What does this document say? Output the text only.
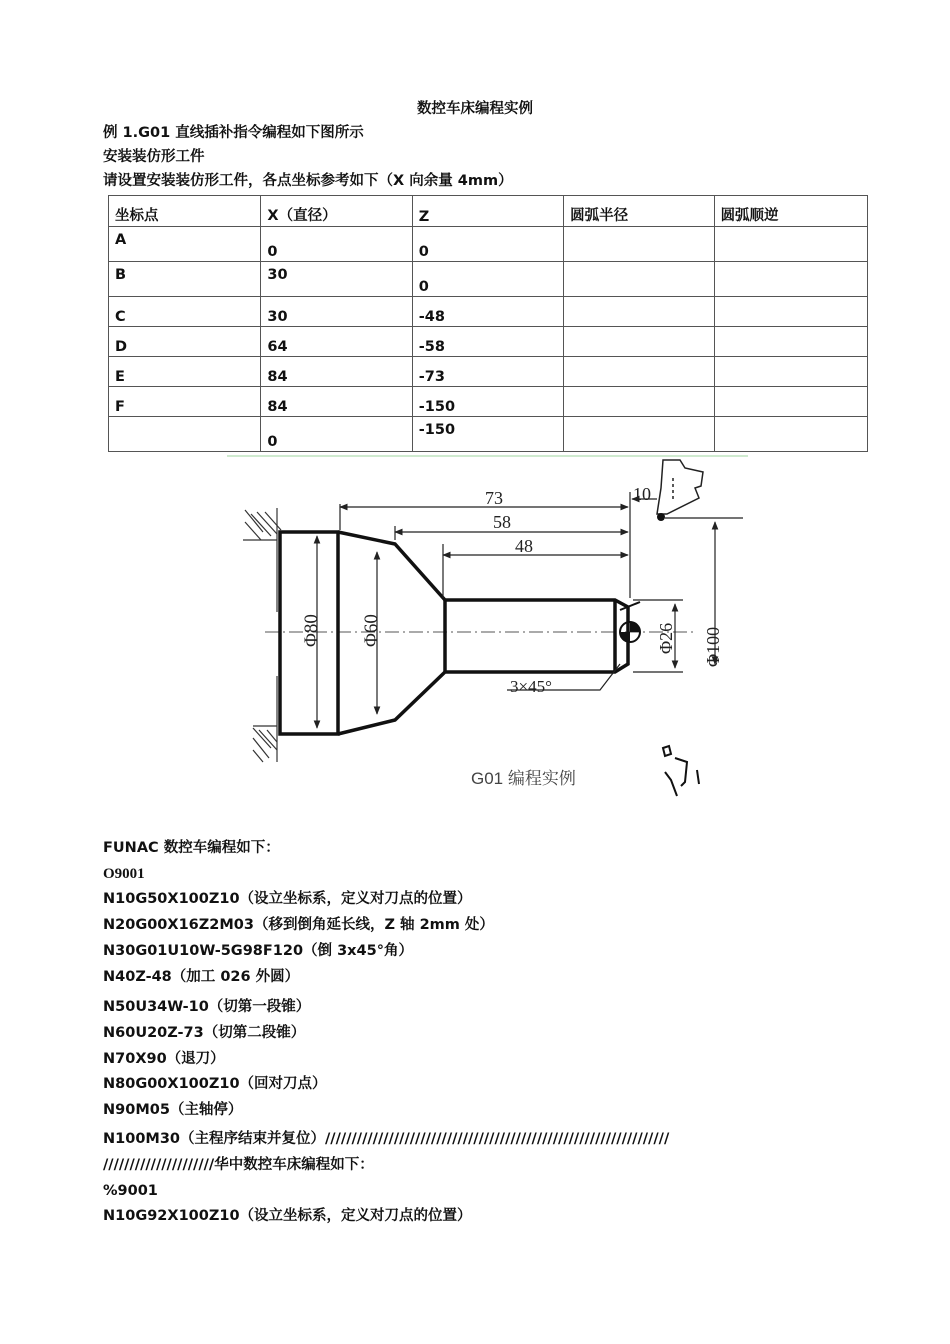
数控车床编程实例
例 1.G01 直线插补指令编程如下图所示
安装装仿形工件
请设置安装装仿形工件，各点坐标参考如下（X 向余量 4mm）
坐标点	X（直径）	Z	圆弧半径	圆弧顺逆
A	0	0		
B	30	0		
C	30	-48		
D	64	-58		
E	84	-73		
F	84	-150		
	0	-150		
73
58
48
10
Φ80 Φ60	Φ26 Φ100
3×45°
G01 编程实例
FUNAC 数控车编程如下：
O9001
N10G50X100Z10（设立坐标系，定义对刀点的位置）
N20G00X16Z2M03（移到倒角延长线，Z 轴 2mm 处）
N30G01U10W-5G98F120（倒 3x45°角）
N40Z-48（加工 026 外圆）
N50U34W-10（切第一段锥）
N60U20Z-73（切第二段锥）
N70X90（退刀）
N80G00X100Z10（回对刀点）
N90M05（主轴停）
N100M30（主程序结束并复位）/////////////////////////////////////////////////////////////////
/////////////////////华中数控车床编程如下：
%9001
N10G92X100Z10（设立坐标系，定义对刀点的位置）
